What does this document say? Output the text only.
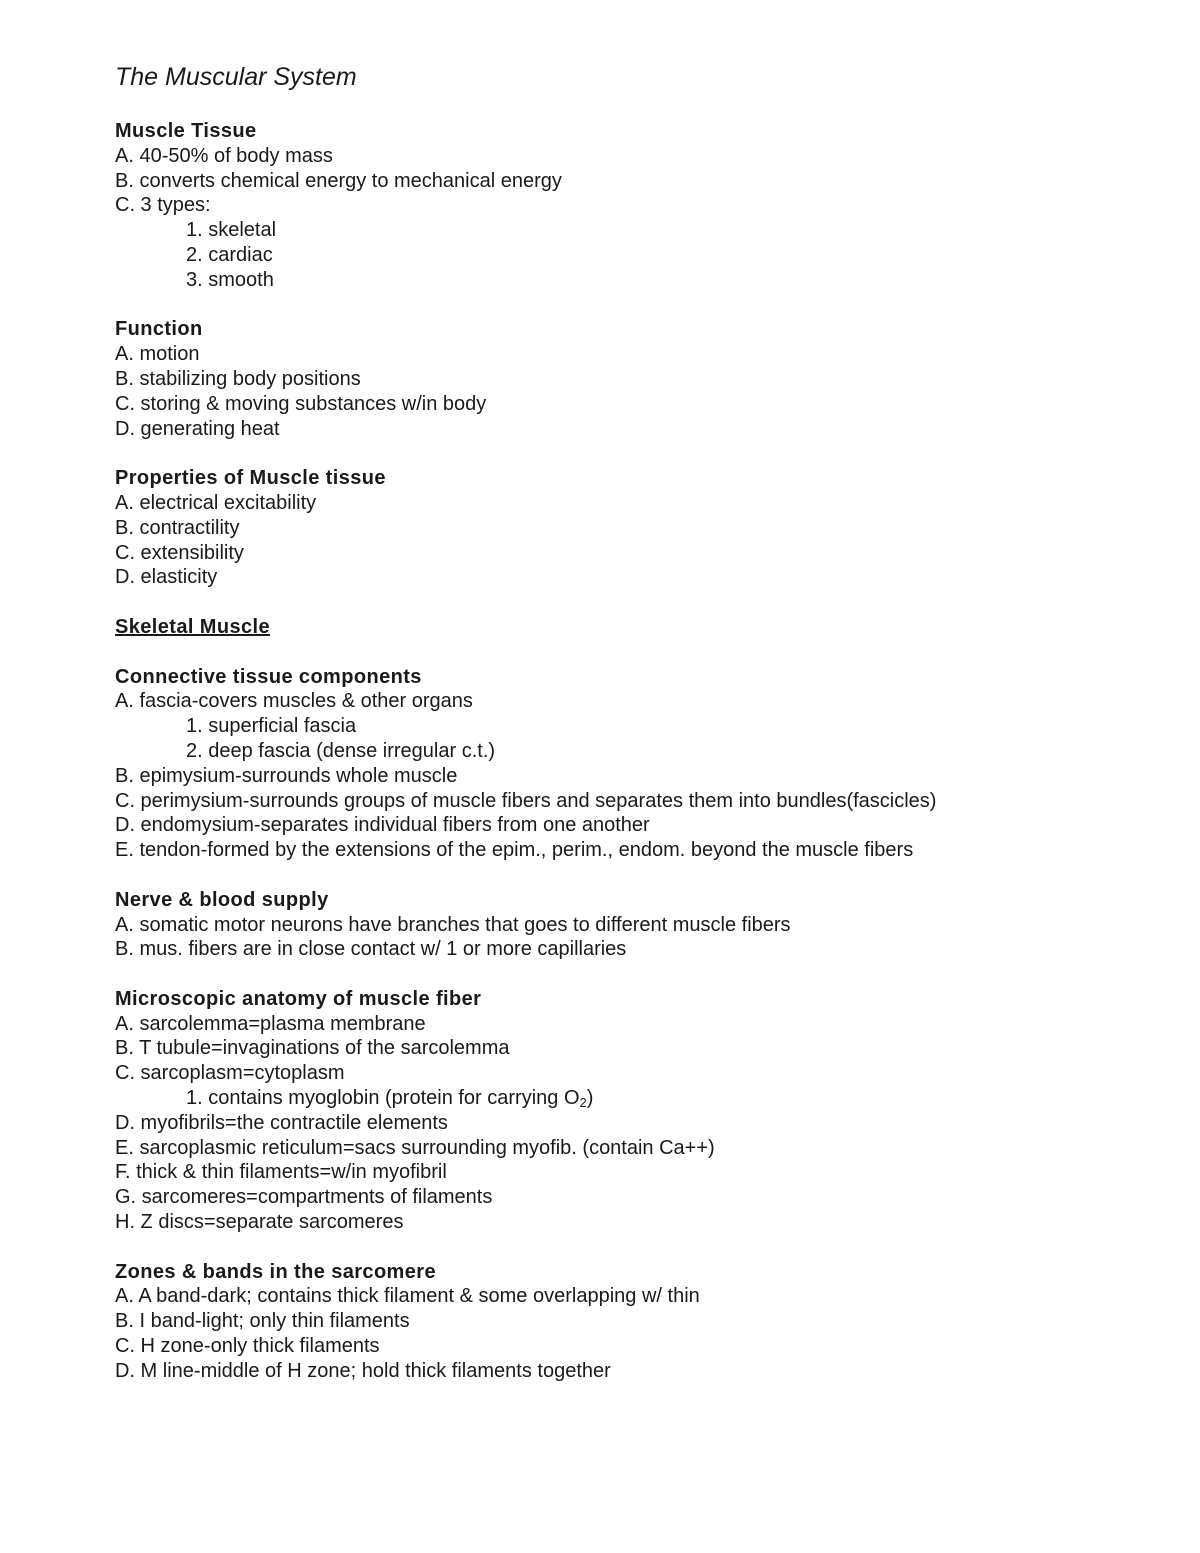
The Muscular System

Muscle Tissue

A. 40-50% of body mass

B. converts chemical energy to mechanical energy

C. 3 types:

1. skeletal

2. cardiac

3. smooth

Function

A. motion

B. stabilizing body positions

C. storing & moving substances w/in body

D. generating heat

Properties of Muscle tissue

A. electrical excitability

B. contractility

C. extensibility

D. elasticity

Skeletal Muscle

Connective tissue components

A. fascia-covers muscles & other organs

1. superficial fascia

2. deep fascia (dense irregular c.t.)

B. epimysium-surrounds whole muscle

C. perimysium-surrounds groups of muscle fibers and separates them into bundles(fascicles)

D. endomysium-separates individual fibers from one another

E. tendon-formed by the extensions of the epim., perim., endom. beyond the muscle fibers

Nerve & blood supply

A. somatic motor neurons have branches that goes to different muscle fibers

B. mus. fibers are in close contact w/ 1 or more capillaries

Microscopic anatomy of muscle fiber

A. sarcolemma=plasma membrane

B. T tubule=invaginations of the sarcolemma

C. sarcoplasm=cytoplasm

1. contains myoglobin (protein for carrying $O_2$)

D. myofibrils=the contractile elements

E. sarcoplasmic reticulum=sacs surrounding myofib. (contain Ca++)

F. thick & thin filaments=w/in myofibril

G. sarcomeres=compartments of filaments

H. Z discs=separate sarcomeres

Zones & bands in the sarcomere

A. A band-dark; contains thick filament & some overlapping w/ thin

B. I band-light; only thin filaments

C. H zone-only thick filaments

D. M line-middle of H zone; hold thick filaments together
